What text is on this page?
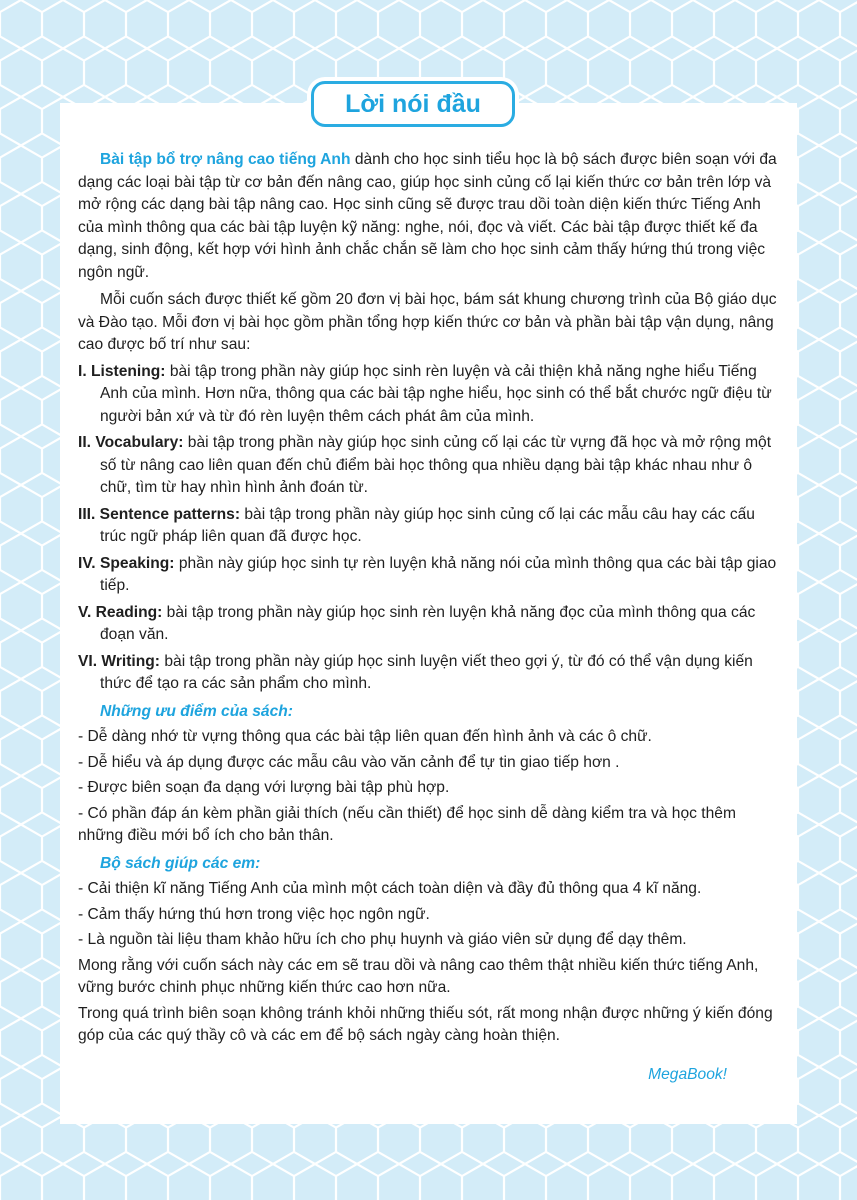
Bài tập bổ trợ nâng cao tiếng Anh dành cho học sinh tiểu học là bộ sách được biên soạn với đa dạng các loại bài tập từ cơ bản đến nâng cao, giúp học sinh củng cố lại kiến thức cơ bản trên lớp và mở rộng các dạng bài tập nâng cao. Học sinh cũng sẽ được trau dồi toàn diện kiến thức Tiếng Anh của mình thông qua các bài tập luyện kỹ năng: nghe, nói, đọc và viết. Các bài tập được thiết kế đa dạng, sinh động, kết hợp với hình ảnh chắc chắn sẽ làm cho học sinh cảm thấy hứng thú trong việc ngôn ngữ.

Mỗi cuốn sách được thiết kế gồm 20 đơn vị bài học, bám sát khung chương trình của Bộ giáo dục và Đào tạo. Mỗi đơn vị bài học gồm phần tổng hợp kiến thức cơ bản và phần bài tập vận dụng, nâng cao được bố trí như sau:

I. Listening: bài tập trong phần này giúp học sinh rèn luyện và cải thiện khả năng nghe hiểu Tiếng Anh của mình. Hơn nữa, thông qua các bài tập nghe hiểu, học sinh có thể bắt chước ngữ điệu từ người bản xứ và từ đó rèn luyện thêm cách phát âm của mình.

II. Vocabulary: bài tập trong phần này giúp học sinh củng cố lại các từ vựng đã học và mở rộng một số từ nâng cao liên quan đến chủ điểm bài học thông qua nhiều dạng bài tập khác nhau như ô chữ, tìm từ hay nhìn hình ảnh đoán từ.

III. Sentence patterns: bài tập trong phần này giúp học sinh củng cố lại các mẫu câu hay các cấu trúc ngữ pháp liên quan đã được học.

IV. Speaking: phần này giúp học sinh tự rèn luyện khả năng nói của mình thông qua các bài tập giao tiếp.

V. Reading: bài tập trong phần này giúp học sinh rèn luyện khả năng đọc của mình thông qua các đoạn văn.

VI. Writing: bài tập trong phần này giúp học sinh luyện viết theo gợi ý, từ đó có thể vận dụng kiến thức để tạo ra các sản phẩm cho mình.

Những ưu điểm của sách:

- Dễ dàng nhớ từ vựng thông qua các bài tập liên quan đến hình ảnh và các ô chữ.

- Dễ hiểu và áp dụng được các mẫu câu vào văn cảnh để tự tin giao tiếp hơn .

- Được biên soạn đa dạng với lượng bài tập phù hợp.

- Có phần đáp án kèm phần giải thích (nếu cần thiết) để học sinh dễ dàng kiểm tra và học thêm những điều mới bổ ích cho bản thân.

Bộ sách giúp các em:

- Cải thiện kĩ năng Tiếng Anh của mình một cách toàn diện và đầy đủ thông qua 4 kĩ năng.

- Cảm thấy hứng thú hơn trong việc học ngôn ngữ.

- Là nguồn tài liệu tham khảo hữu ích cho phụ huynh và giáo viên sử dụng để dạy thêm.

Mong rằng với cuốn sách này các em sẽ trau dồi và nâng cao thêm thật nhiều kiến thức tiếng Anh, vững bước chinh phục những kiến thức cao hơn nữa.

Trong quá trình biên soạn không tránh khỏi những thiếu sót, rất mong nhận được những ý kiến đóng góp của các quý thầy cô và các em để bộ sách ngày càng hoàn thiện.

Lời nói đầu
MegaBook!
